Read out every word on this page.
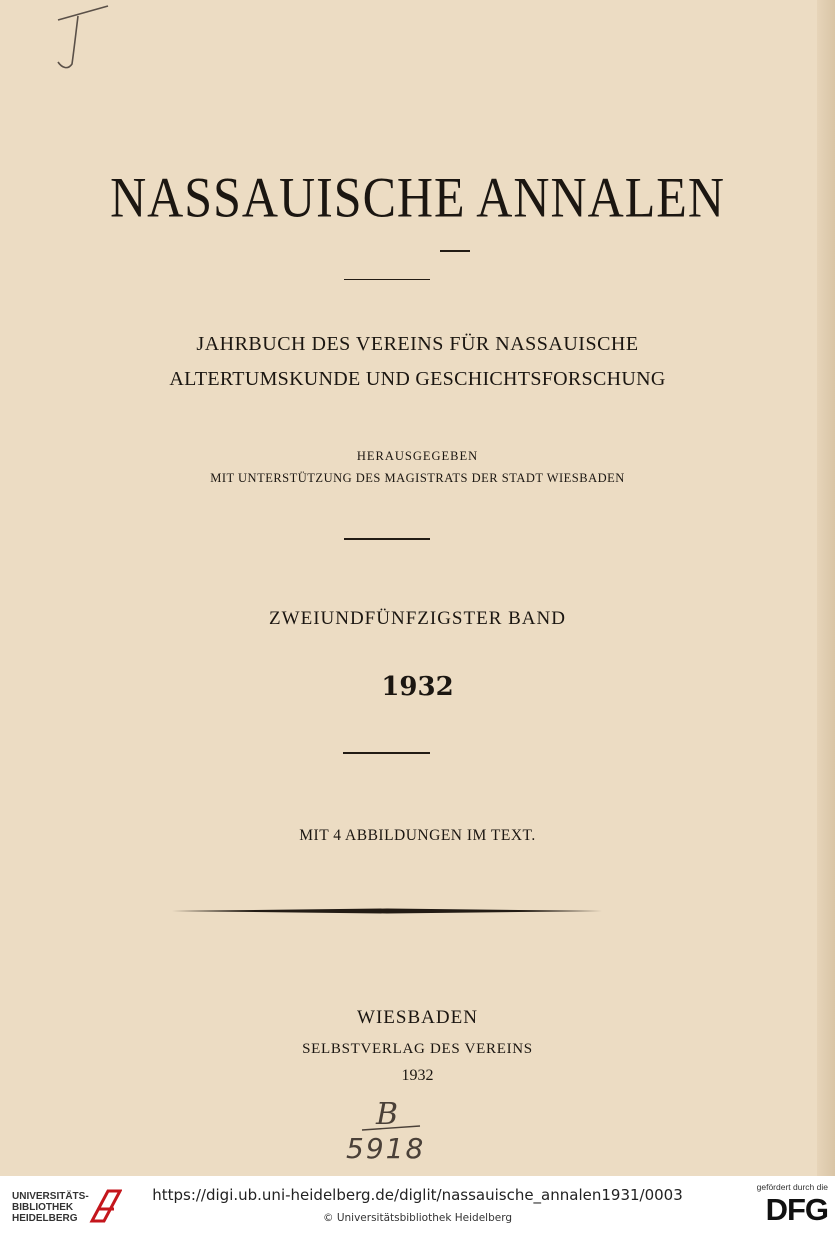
J
NASSAUISCHE ANNALEN
JAHRBUCH DES VEREINS FÜR NASSAUISCHE
ALTERTUMSKUNDE UND GESCHICHTSFORSCHUNG
HERAUSGEGEBEN
MIT UNTERSTÜTZUNG DES MAGISTRATS DER STADT WIESBADEN
ZWEIUNDFÜNFZIGSTER BAND
1932
MIT 4 ABBILDUNGEN IM TEXT.
WIESBADEN
SELBSTVERLAG DES VEREINS
1932
B
5918
UNIVERSITÄTS-
BIBLIOTHEK
HEIDELBERG
https://digi.ub.uni-heidelberg.de/diglit/nassauische_annalen1931/0003
© Universitätsbibliothek Heidelberg
gefördert durch die
DFG
